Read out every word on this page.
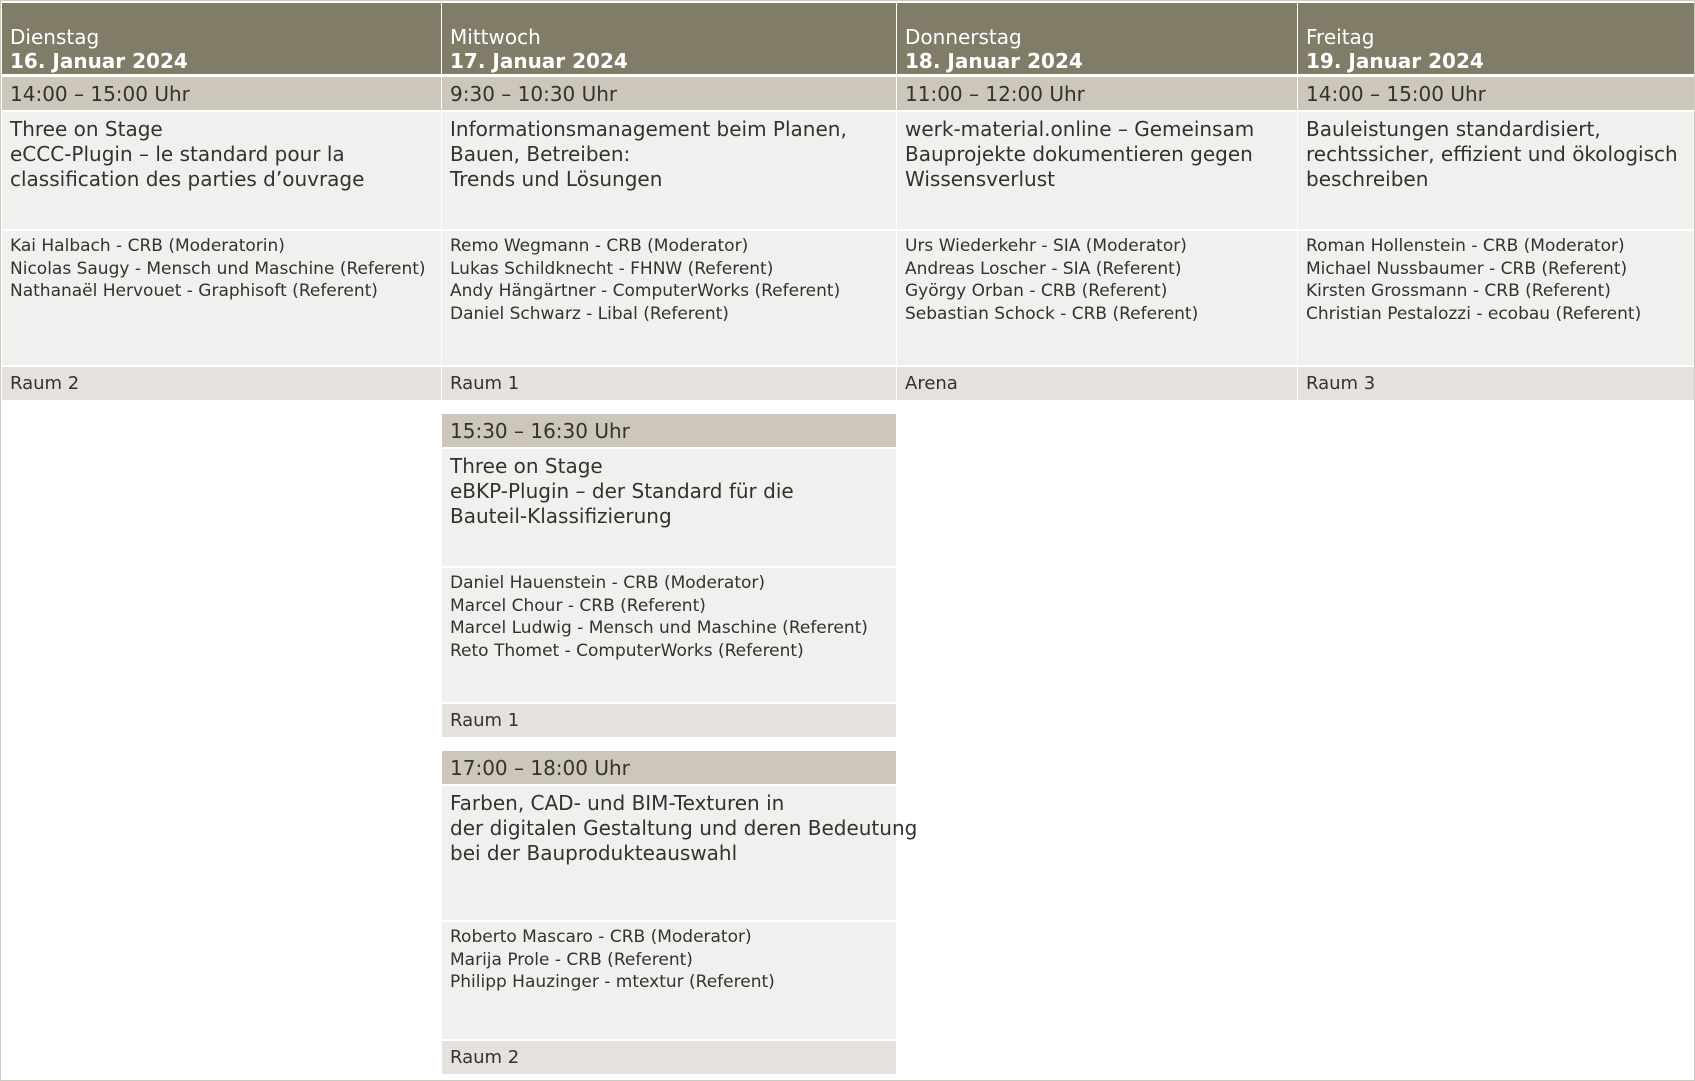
Dienstag
16. Januar 2024
14:00 – 15:00 Uhr
Three on Stage
eCCC-Plugin – le standard pour la
classification des parties d’ouvrage
Kai Halbach - CRB (Moderatorin)
Nicolas Saugy - Mensch und Maschine (Referent)
Nathanaël Hervouet - Graphisoft (Referent)
Raum 2
Mittwoch
17. Januar 2024
9:30 – 10:30 Uhr
Informationsmanagement beim Planen,
Bauen, Betreiben:
Trends und Lösungen
Remo Wegmann - CRB (Moderator)
Lukas Schildknecht - FHNW (Referent)
Andy Hängärtner - ComputerWorks (Referent)
Daniel Schwarz - Libal (Referent)
Raum 1
15:30 – 16:30 Uhr
Three on Stage
eBKP-Plugin – der Standard für die
Bauteil-Klassifizierung
Daniel Hauenstein - CRB (Moderator)
Marcel Chour - CRB (Referent)
Marcel Ludwig - Mensch und Maschine (Referent)
Reto Thomet - ComputerWorks (Referent)
Raum 1
17:00 – 18:00 Uhr
Farben, CAD- und BIM-Texturen in
der digitalen Gestaltung und deren Bedeutung
bei der Bauprodukteauswahl
Roberto Mascaro - CRB (Moderator)
Marija Prole - CRB (Referent)
Philipp Hauzinger - mtextur (Referent)
Raum 2
Donnerstag
18. Januar 2024
11:00 – 12:00 Uhr
werk-material.online – Gemeinsam
Bauprojekte dokumentieren gegen
Wissensverlust
Urs Wiederkehr - SIA (Moderator)
Andreas Loscher - SIA (Referent)
György Orban - CRB (Referent)
Sebastian Schock - CRB (Referent)
Arena
Freitag
19. Januar 2024
14:00 – 15:00 Uhr
Bauleistungen standardisiert,
rechtssicher, effizient und ökologisch
beschreiben
Roman Hollenstein - CRB (Moderator)
Michael Nussbaumer - CRB (Referent)
Kirsten Grossmann - CRB (Referent)
Christian Pestalozzi - ecobau (Referent)
Raum 3
